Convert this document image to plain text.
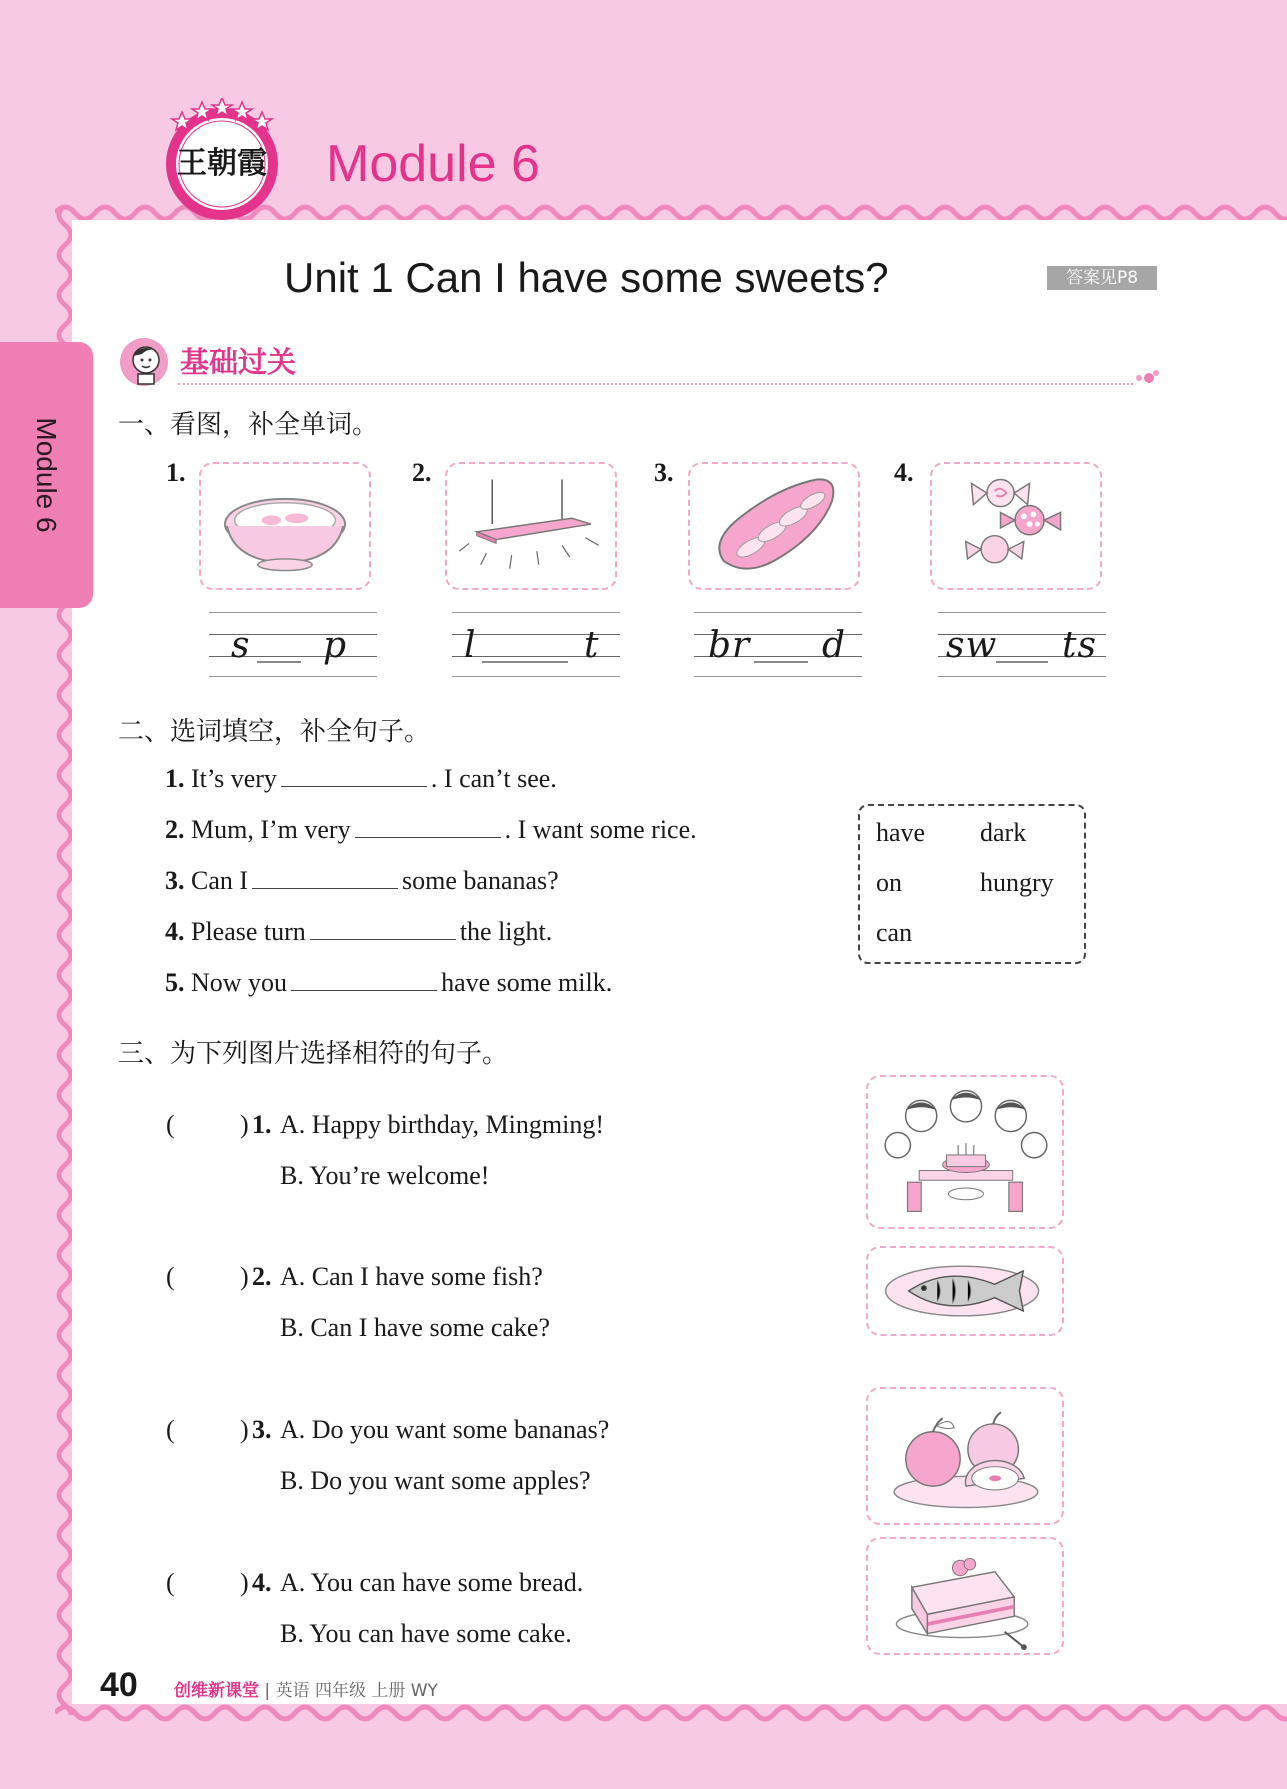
Module 6
王朝霞 Module 6
Unit 1 Can I have some sweets?	答案见P8
基础过关
一、看图，补全单词。
1.	2.	3.	4.
s p	l	t	br d	sw ts
二、选词填空，补全句子。
1. It’s very	. I can’t see.
2. Mum, I’m very	. I want some rice.
3. Can I	some bananas?
4. Please turn	the light.
5. Now you	have some milk.
have dark
on	hungry
can
三、为下列图片选择相符的句子。
(	) 1. A. Happy birthday, Mingming!
B. You’re welcome!
(	) 2. A. Can I have some fish?
B. Can I have some cake?
(	) 3. A. Do you want some bananas?
B. Do you want some apples?
(	) 4. A. You can have some bread.
B. You can have some cake.
40 创维新课堂 | 英语 四年级 上册 WY
